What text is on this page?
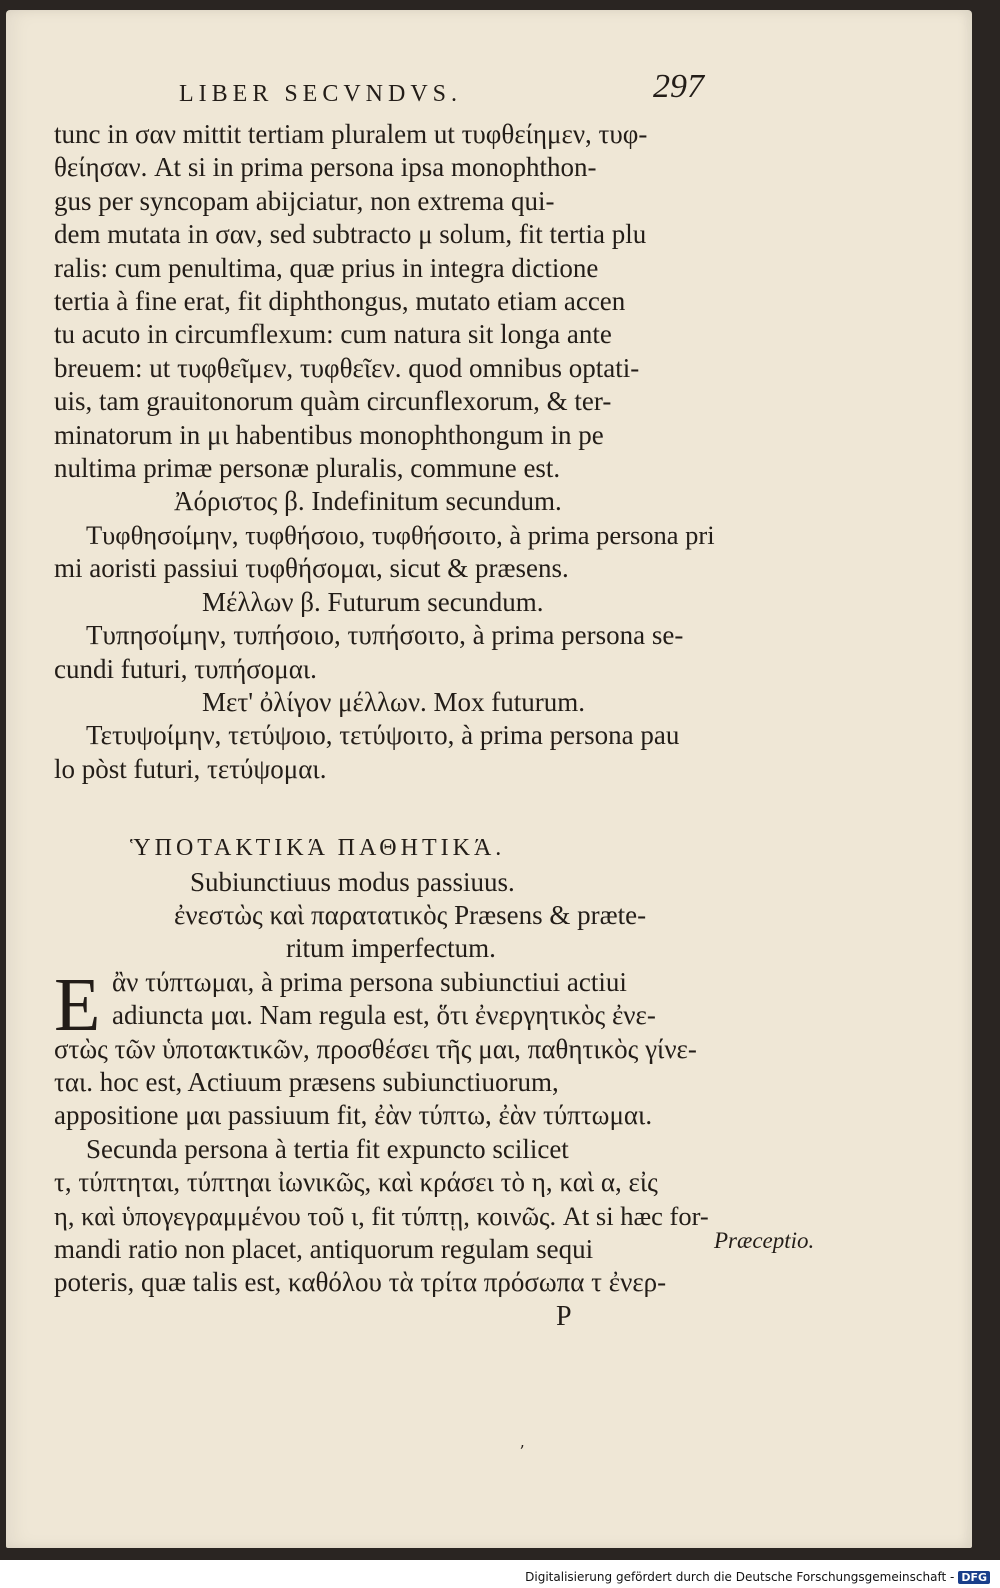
LIBER SECVNDVS.	297
tunc in σαν mittit tertiam pluralem ut τυφθείημεν, τυφ-
θείησαν. At si in prima persona ipsa monophthon-
gus per syncopam abijciatur, non extrema qui-
dem mutata in σαν, sed subtracto μ solum, fit tertia plu
ralis: cum penultima, quæ prius in integra dictione
tertia à fine erat, fit diphthongus, mutato etiam accen
tu acuto in circumflexum: cum natura sit longa ante
breuem: ut τυφθεῖμεν, τυφθεῖεν. quod omnibus optati-
uis, tam grauitonorum quàm circunflexorum, & ter-
minatorum in μι habentibus monophthongum in pe
nultima primæ personæ pluralis, commune est.
Ἀόριστος β. Indefinitum secundum.
Τυφθησοίμην, τυφθήσοιο, τυφθήσοιτο, à prima persona pri
mi aoristi passiui τυφθήσομαι, sicut & præsens.
Μέλλων β. Futurum secundum.
Τυπησοίμην, τυπήσοιο, τυπήσοιτο, à prima persona se-
cundi futuri, τυπήσομαι.
Μετ' ὀλίγον μέλλων. Mox futurum.
Τετυψοίμην, τετύψοιο, τετύψοιτο, à prima persona pau
lo pòst futuri, τετύψομαι.
ὙΠΟΤΑΚΤΙΚΆ ΠΑΘΗΤΙΚΆ.
Subiunctiuus modus passiuus.
ἐνεστὼς καὶ παρατατικὸς Præsens & præte-
ritum imperfectum.
E ἂν τύπτωμαι, à prima persona subiunctiui actiui
adiuncta μαι. Nam regula est, ὅτι ἐνεργητικὸς ἐνε-
στὼς τῶν ὑποτακτικῶν, προσθέσει τῆς μαι, παθητικὸς γίνε-
ται. hoc est, Actiuum præsens subiunctiuorum,
appositione μαι passiuum fit, ἐὰν τύπτω, ἐὰν τύπτωμαι.
Secunda persona à tertia fit expuncto scilicet
τ, τύπτηται, τύπτηαι ἰωνικῶς, καὶ κράσει τὸ η, καὶ α, εἰς
η, καὶ ὑπογεγραμμένου τοῦ ι, fit τύπτῃ, κοινῶς. At si hæc for-
mandi ratio non placet, antiquorum regulam sequi
poteris, quæ talis est, καθόλου τὰ τρίτα πρόσωπα τ ἐνερ-
P
Præceptio.
ʼ
Digitalisierung gefördert durch die Deutsche Forschungsgemeinschaft - DFG
